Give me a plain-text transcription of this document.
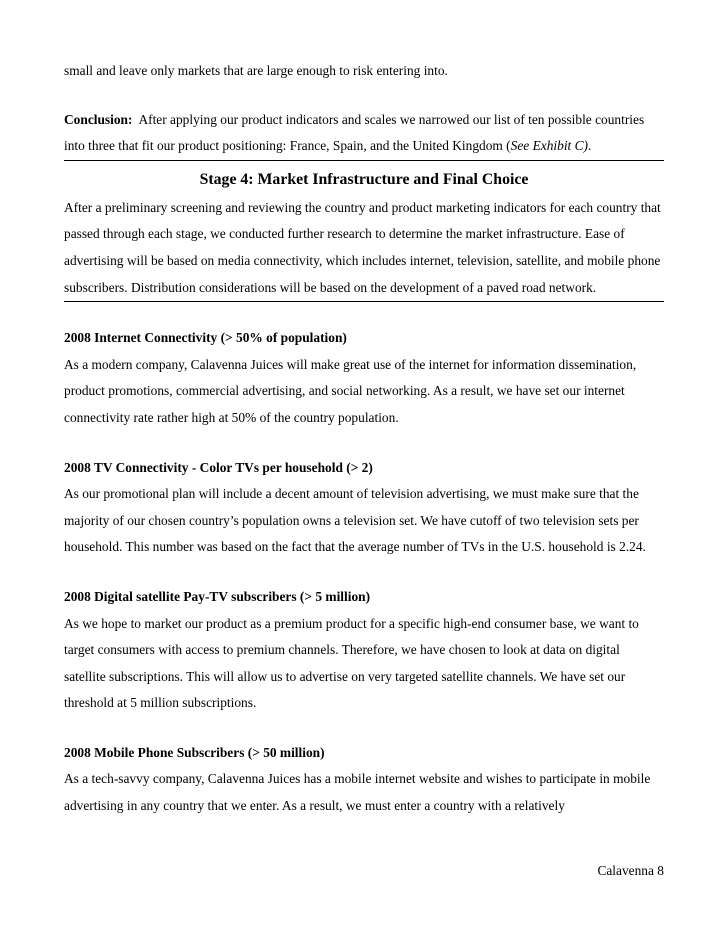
small and leave only markets that are large enough to risk entering into.

Conclusion: After applying our product indicators and scales we narrowed our list of ten possible countries into three that fit our product positioning: France, Spain, and the United Kingdom (See Exhibit C).

Stage 4: Market Infrastructure and Final Choice

After a preliminary screening and reviewing the country and product marketing indicators for each country that passed through each stage, we conducted further research to determine the market infrastructure. Ease of advertising will be based on media connectivity, which includes internet, television, satellite, and mobile phone subscribers. Distribution considerations will be based on the development of a paved road network.

2008 Internet Connectivity (> 50% of population)

As a modern company, Calavenna Juices will make great use of the internet for information dissemination, product promotions, commercial advertising, and social networking. As a result, we have set our internet connectivity rate rather high at 50% of the country population.

2008 TV Connectivity - Color TVs per household (> 2)

As our promotional plan will include a decent amount of television advertising, we must make sure that the majority of our chosen country’s population owns a television set. We have cutoff of two television sets per household. This number was based on the fact that the average number of TVs in the U.S. household is 2.24.

2008 Digital satellite Pay-TV subscribers (> 5 million)

As we hope to market our product as a premium product for a specific high-end consumer base, we want to target consumers with access to premium channels. Therefore, we have chosen to look at data on digital satellite subscriptions. This will allow us to advertise on very targeted satellite channels. We have set our threshold at 5 million subscriptions.

2008 Mobile Phone Subscribers (> 50 million)

As a tech-savvy company, Calavenna Juices has a mobile internet website and wishes to participate in mobile advertising in any country that we enter. As a result, we must enter a country with a relatively

Calavenna 8
